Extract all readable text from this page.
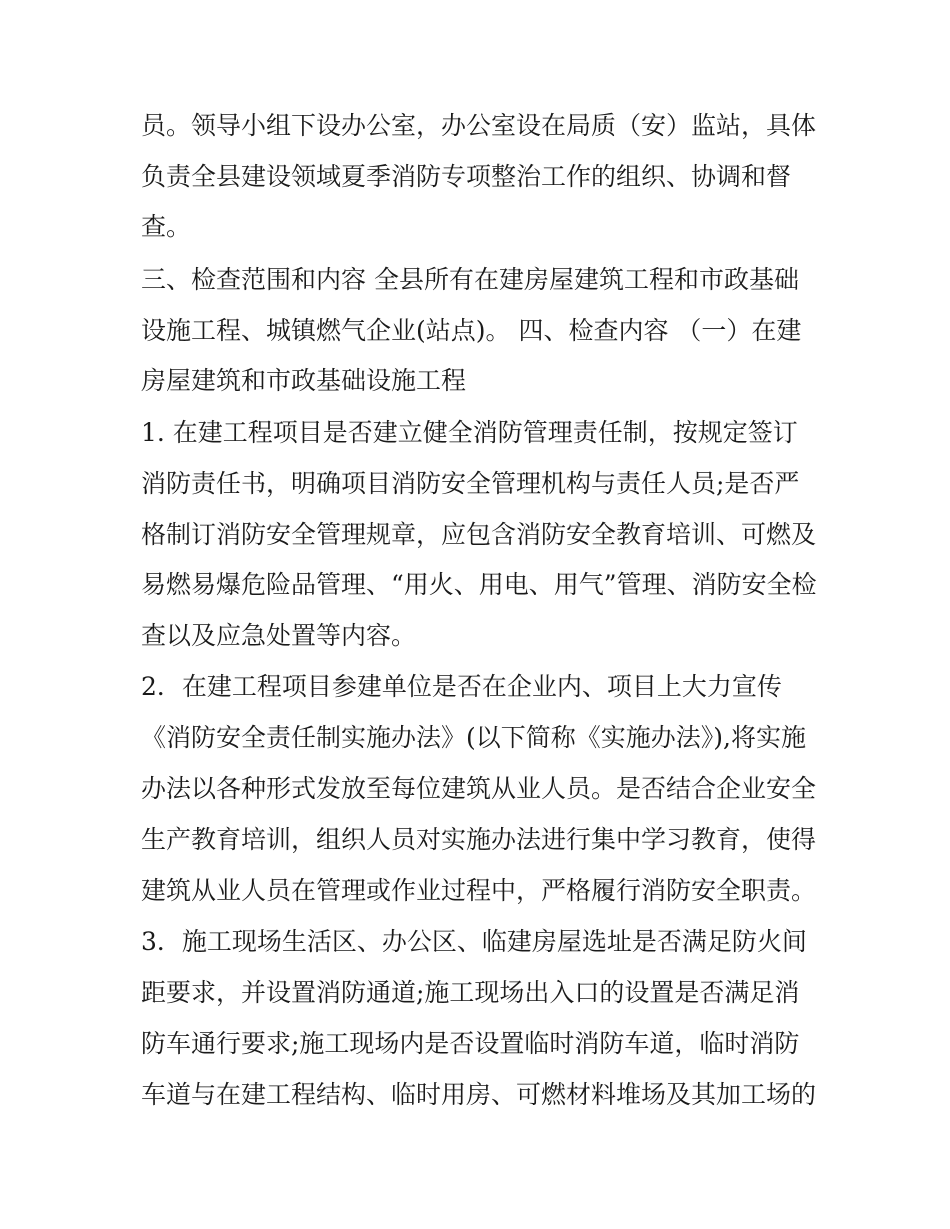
员。领导小组下设办公室，办公室设在局质（安）监站，具体
负责全县建设领域夏季消防专项整治工作的组织、协调和督
查。
三、检查范围和内容 全县所有在建房屋建筑工程和市政基础
设施工程、城镇燃气企业(站点)。 四、检查内容 （一）在建
房屋建筑和市政基础设施工程
1. 在建工程项目是否建立健全消防管理责任制，按规定签订
消防责任书，明确项目消防安全管理机构与责任人员;是否严
格制订消防安全管理规章，应包含消防安全教育培训、可燃及
易燃易爆危险品管理、“用火、用电、用气”管理、消防安全检
查以及应急处置等内容。
2．在建工程项目参建单位是否在企业内、项目上大力宣传
《消防安全责任制实施办法》(以下简称《实施办法》),将实施
办法以各种形式发放至每位建筑从业人员。是否结合企业安全
生产教育培训，组织人员对实施办法进行集中学习教育，使得
建筑从业人员在管理或作业过程中，严格履行消防安全职责。
3．施工现场生活区、办公区、临建房屋选址是否满足防火间
距要求，并设置消防通道;施工现场出入口的设置是否满足消
防车通行要求;施工现场内是否设置临时消防车道，临时消防
车道与在建工程结构、临时用房、可燃材料堆场及其加工场的
